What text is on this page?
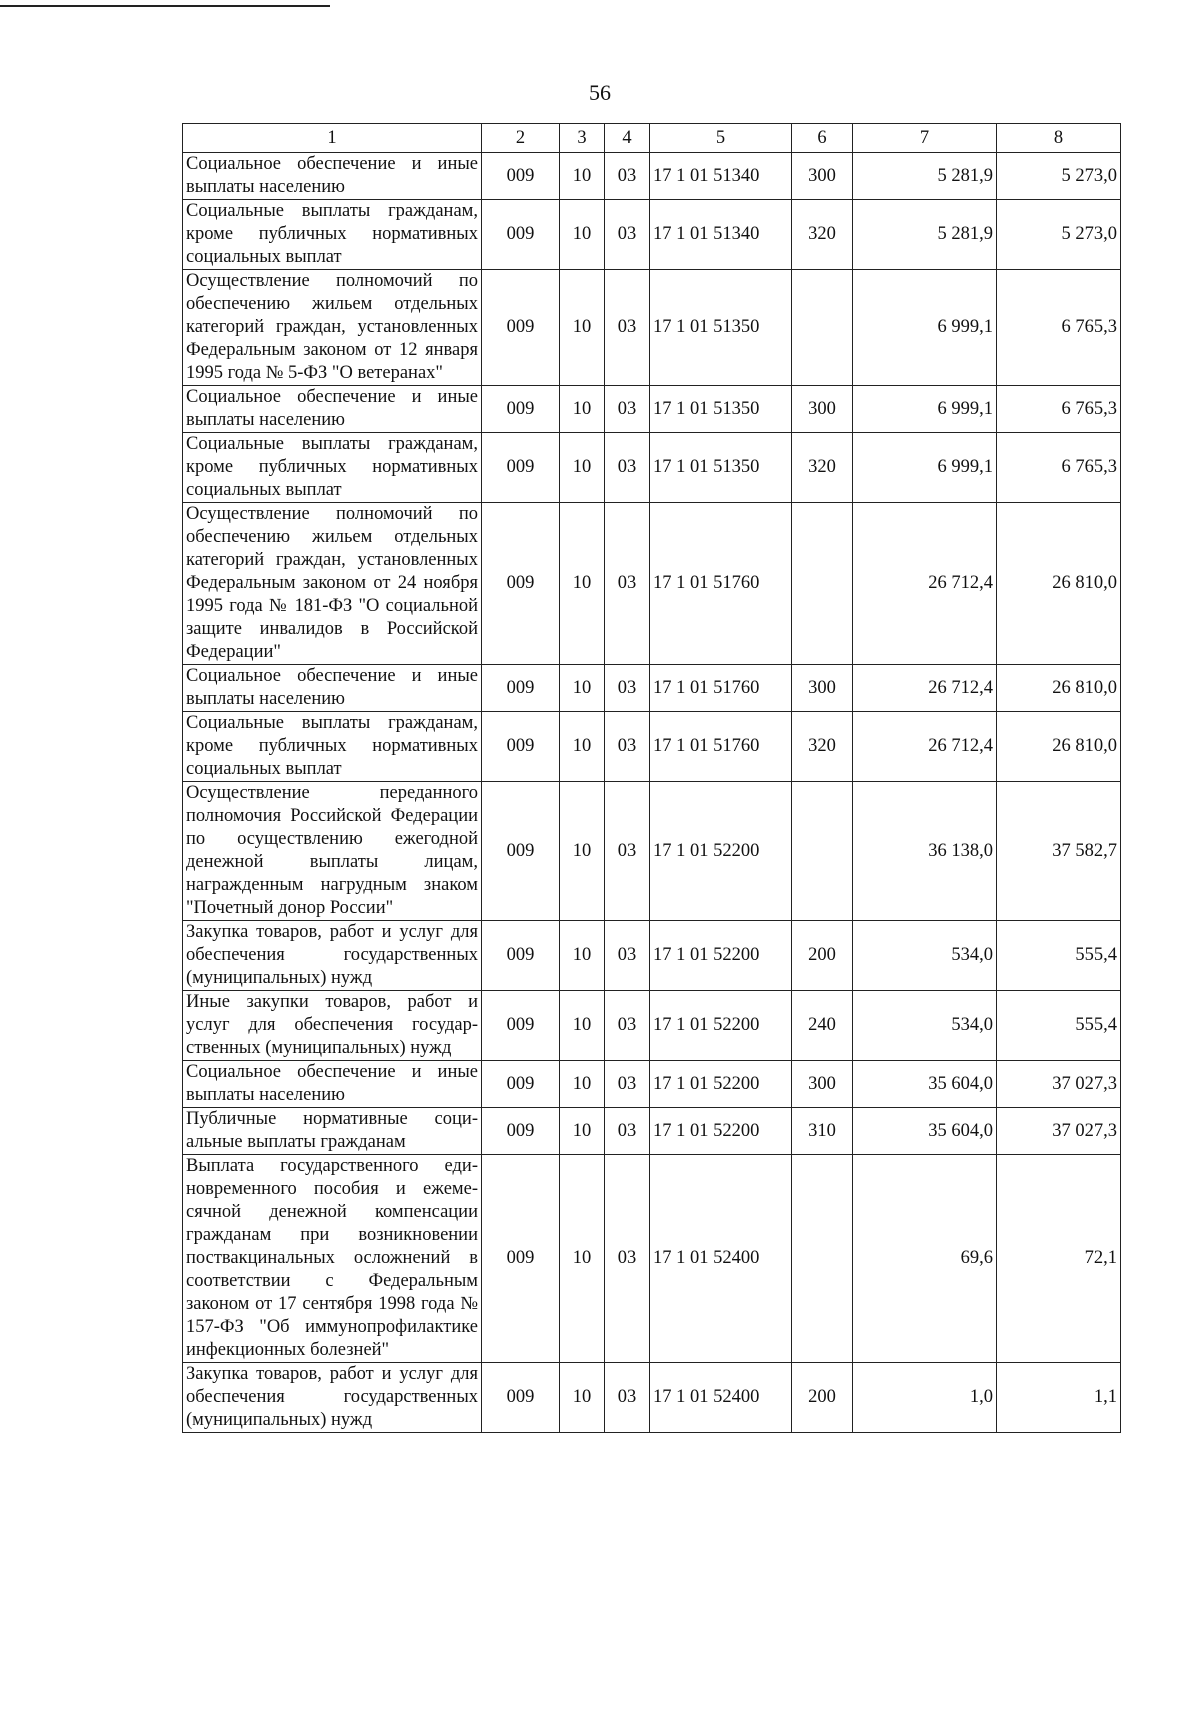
56
1	2	3	4	5	6	7	8
Социальное обеспечение и иные выплаты населению	009	10	03	17 1 01 51340	300	5 281,9	5 273,0
Социальные выплаты гражданам, кроме публичных нормативных социальных выплат	009	10	03	17 1 01 51340	320	5 281,9	5 273,0
Осуществление полномочий по обеспечению жильем отдельных категорий граждан, установленных Федеральным законом от 12 января 1995 года № 5-ФЗ "О ветеранах"	009	10	03	17 1 01 51350		6 999,1	6 765,3
Социальное обеспечение и иные выплаты населению	009	10	03	17 1 01 51350	300	6 999,1	6 765,3
Социальные выплаты гражданам, кроме публичных нормативных социальных выплат	009	10	03	17 1 01 51350	320	6 999,1	6 765,3
Осуществление полномочий по обеспечению жильем отдельных категорий граждан, установленных Федеральным законом от 24 ноября 1995 года № 181-ФЗ "О социальной защите инвалидов в Российской Федерации"	009	10	03	17 1 01 51760		26 712,4	26 810,0
Социальное обеспечение и иные выплаты населению	009	10	03	17 1 01 51760	300	26 712,4	26 810,0
Социальные выплаты гражданам, кроме публичных нормативных социальных выплат	009	10	03	17 1 01 51760	320	26 712,4	26 810,0
Осуществление переданного полномочия Российской Федерации по осуществлению ежегодной денежной выплаты лицам, награжденным нагрудным знаком "Почетный донор России"	009	10	03	17 1 01 52200		36 138,0	37 582,7
Закупка товаров, работ и услуг для обеспечения государственных (муниципальных) нужд	009	10	03	17 1 01 52200	200	534,0	555,4
Иные закупки товаров, работ и услуг для обеспечения государственных (муниципальных) нужд	009	10	03	17 1 01 52200	240	534,0	555,4
Социальное обеспечение и иные выплаты населению	009	10	03	17 1 01 52200	300	35 604,0	37 027,3
Публичные нормативные социальные выплаты гражданам	009	10	03	17 1 01 52200	310	35 604,0	37 027,3
Выплата государственного единовременного пособия и ежемесячной денежной компенсации гражданам при возникновении поствакцинальных осложнений в соответствии с Федеральным законом от 17 сентября 1998 года № 157-ФЗ "Об иммунопрофилактике инфекционных болезней"	009	10	03	17 1 01 52400		69,6	72,1
Закупка товаров, работ и услуг для обеспечения государственных (муниципальных) нужд	009	10	03	17 1 01 52400	200	1,0	1,1
